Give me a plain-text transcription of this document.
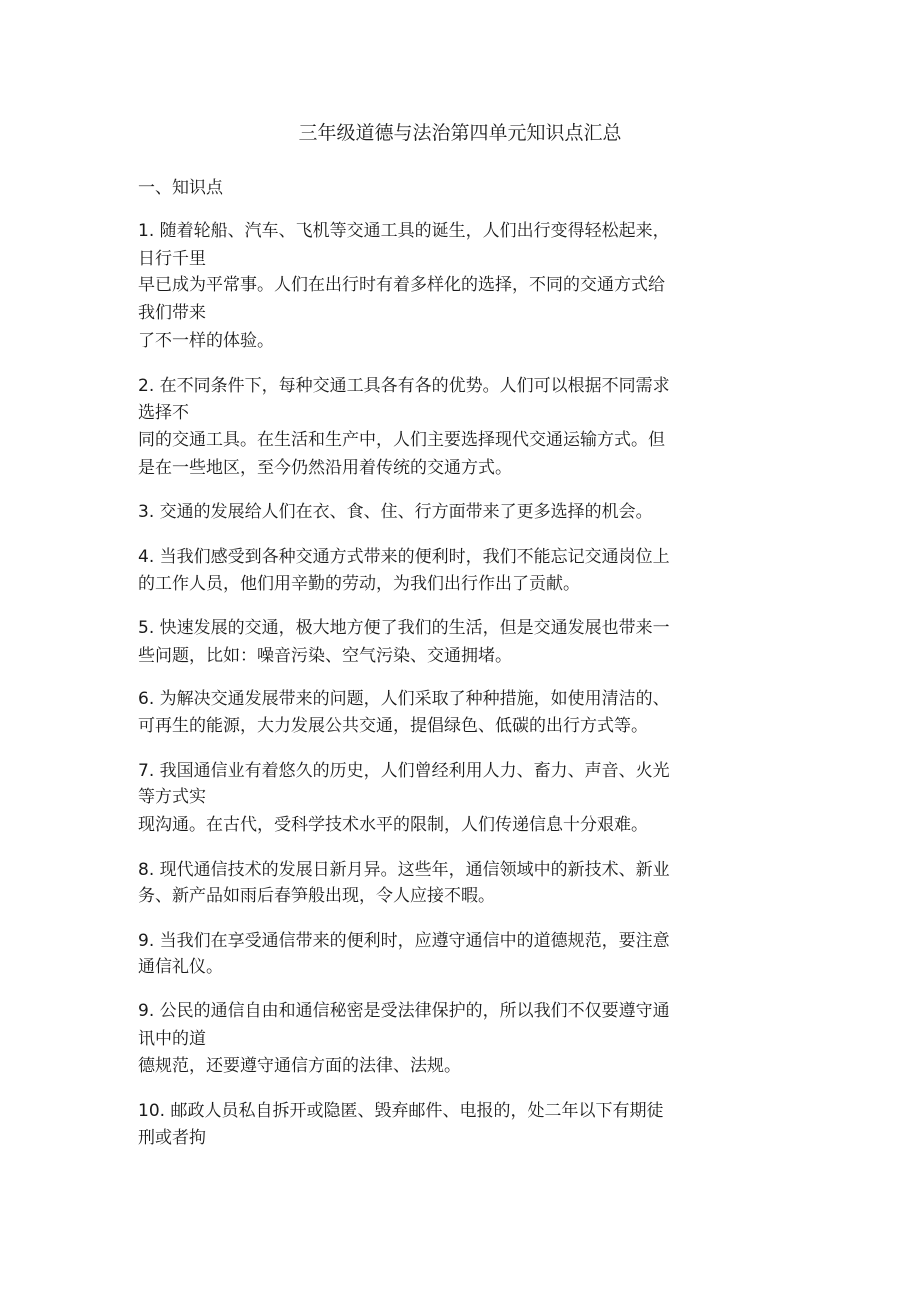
三年级道德与法治第四单元知识点汇总
一、知识点
1. 随着轮船、汽车、飞机等交通工具的诞生，人们出行变得轻松起来，
日行千里
早已成为平常事。人们在出行时有着多样化的选择，不同的交通方式给
我们带来
了不一样的体验。
2. 在不同条件下，每种交通工具各有各的优势。人们可以根据不同需求
选择不
同的交通工具。在生活和生产中，人们主要选择现代交通运输方式。但
是在一些地区，至今仍然沿用着传统的交通方式。
3. 交通的发展给人们在衣、食、住、行方面带来了更多选择的机会。
4. 当我们感受到各种交通方式带来的便利时，我们不能忘记交通岗位上
的工作人员，他们用辛勤的劳动，为我们出行作出了贡献。
5. 快速发展的交通，极大地方便了我们的生活，但是交通发展也带来一
些问题，比如：噪音污染、空气污染、交通拥堵。
6. 为解决交通发展带来的问题，人们采取了种种措施，如使用清洁的、
可再生的能源，大力发展公共交通，提倡绿色、低碳的出行方式等。
7. 我国通信业有着悠久的历史，人们曾经利用人力、畜力、声音、火光
等方式实
现沟通。在古代，受科学技术水平的限制，人们传递信息十分艰难。
8. 现代通信技术的发展日新月异。这些年，通信领域中的新技术、新业
务、新产品如雨后春笋般出现，令人应接不暇。
9. 当我们在享受通信带来的便利时，应遵守通信中的道德规范，要注意
通信礼仪。
9. 公民的通信自由和通信秘密是受法律保护的，所以我们不仅要遵守通
讯中的道
德规范，还要遵守通信方面的法律、法规。
10. 邮政人员私自拆开或隐匿、毁弃邮件、电报的，处二年以下有期徒
刑或者拘
